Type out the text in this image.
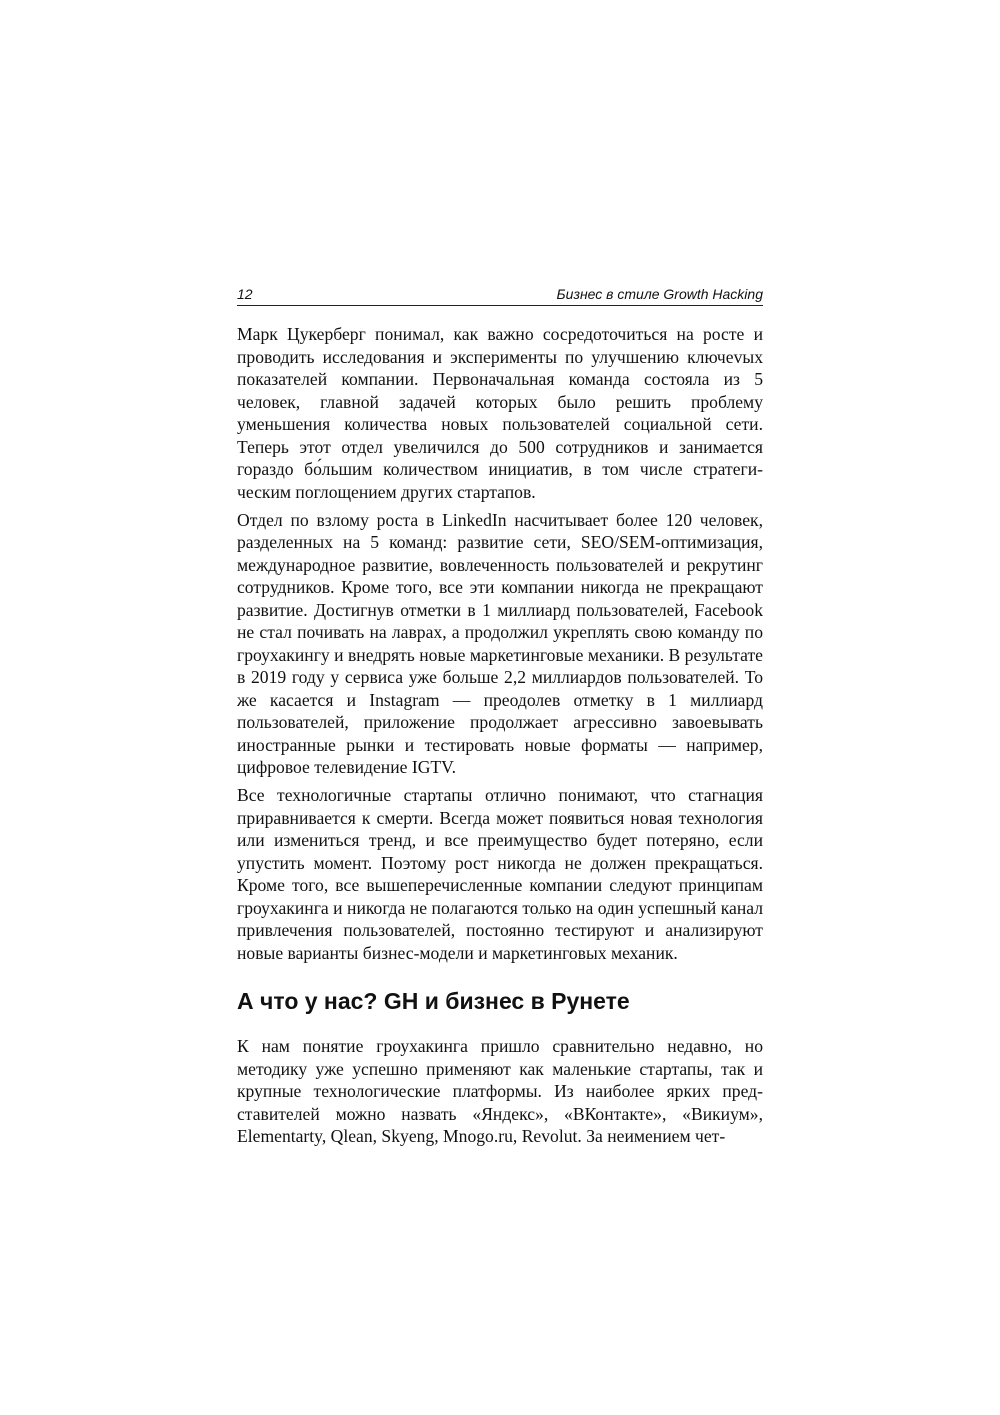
12	Бизнес в стиле Growth Hacking

Марк Цукерберг понимал, как важно сосредоточиться на росте и проводить исследования и эксперименты по улучшению ключеvых показателей компании. Первоначальная команда состояла из 5 человек, главной задачей которых было решить проблему уменьшения количества новых пользователей социальной сети. Теперь этот отдел увеличился до 500 сотрудников и занимается гораздо бо́льшим количеством инициатив, в том числе стратегическим поглощением других стартапов.

Отдел по взлому роста в LinkedIn насчитывает более 120 человек, разделенных на 5 команд: развитие сети, SEO/SEM-оптимизация, международное развитие, вовлеченность пользователей и рекрутинг сотрудников. Кроме того, все эти компании никогда не прекращают развитие. Достигнув отметки в 1 миллиард пользователей, Facebook не стал почивать на лаврах, а продолжил укреплять свою команду по гроухакингу и внедрять новые маркетинговые механики. В результате в 2019 году у сервиса уже больше 2,2 миллиардов пользователей. То же касается и Instagram — преодолев отметку в 1 миллиард пользователей, приложение продолжает агрессивно завоевывать иностранные рынки и тестировать новые форматы — например, цифровое телевидение IGTV.

Все технологичные стартапы отлично понимают, что стагнация приравнивается к смерти. Всегда может появиться новая технология или измениться тренд, и все преимущество будет потеряно, если упустить момент. Поэтому рост никогда не должен прекращаться. Кроме того, все вышеперечисленные компании следуют принципам гроухакинга и никогда не полагаются только на один успешный канал привлечения пользователей, постоянно тестируют и анализируют новые варианты бизнес-модели и маркетинговых механик.

А что у нас? GH и бизнес в Рунете

К нам понятие гроухакинга пришло сравнительно недавно, но методику уже успешно применяют как маленькие стартапы, так и крупные технологические платформы. Из наиболее ярких представителей можно назвать «Яндекс», «ВКонтакте», «Викиум», Elementarty, Qlean, Skyeng, Mnogo.ru, Revolut. За неимением чет-
